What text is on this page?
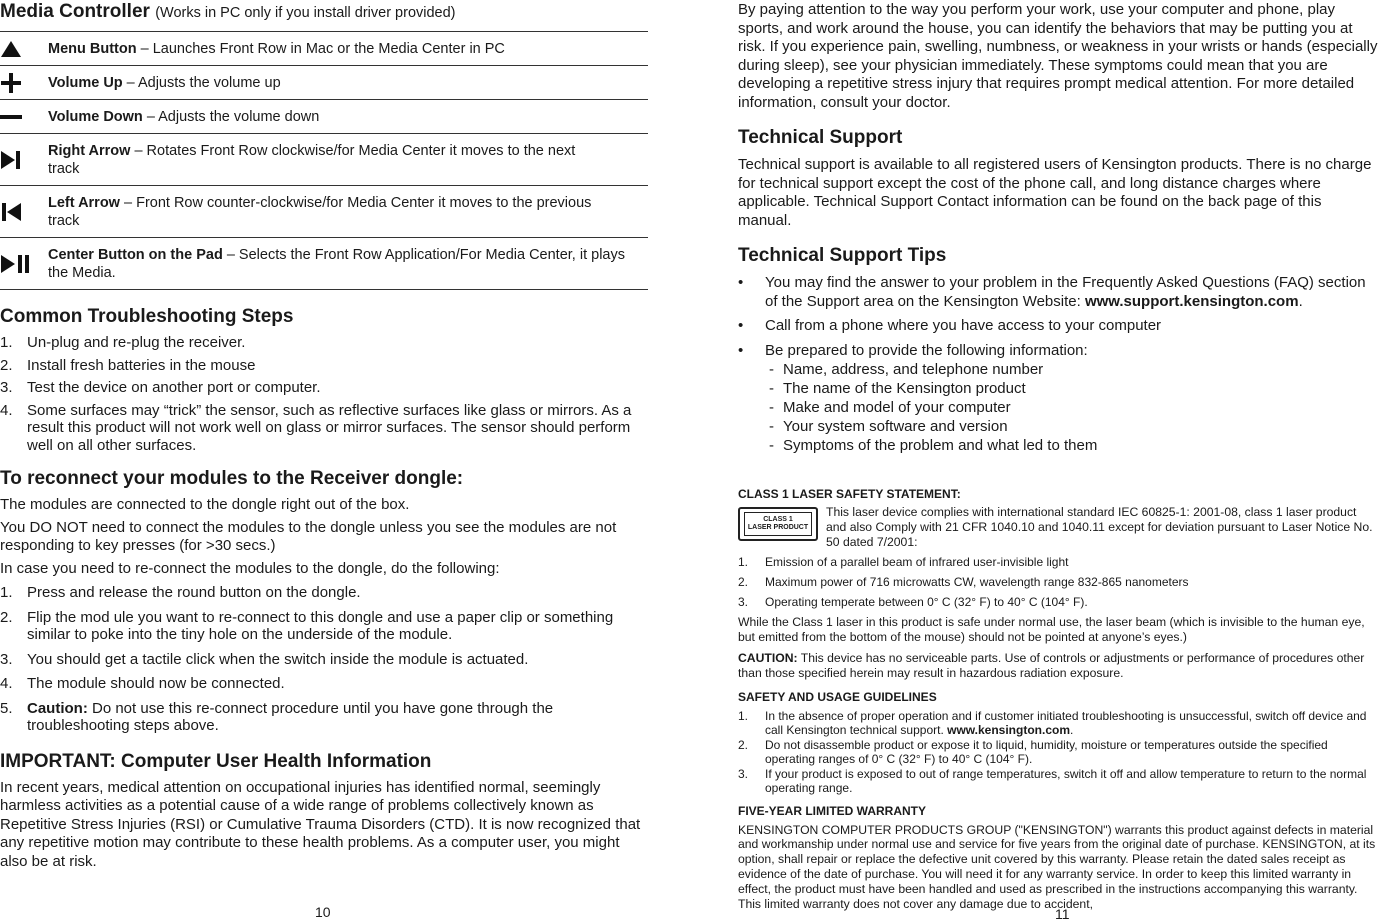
Media Controller (Works in PC only if you install driver provided)
Menu Button – Launches Front Row in Mac or the Media Center in PC
Volume Up – Adjusts the volume up
Volume Down – Adjusts the volume down
Right Arrow – Rotates Front Row clockwise/for Media Center it moves to the next track
Left Arrow – Front Row counter-clockwise/for Media Center it moves to the previous track
Center Button on the Pad – Selects the Front Row Application/For Media Center, it plays the Media.
Common Troubleshooting Steps
1. Un-plug and re-plug the receiver.
2. Install fresh batteries in the mouse
3. Test the device on another port or computer.
4. Some surfaces may “trick” the sensor, such as reflective surfaces like glass or mirrors. As a result this product will not work well on glass or mirror surfaces. The sensor should perform well on all other surfaces.
To reconnect your modules to the Receiver dongle:

The modules are connected to the dongle right out of the box.

You DO NOT need to connect the modules to the dongle unless you see the modules are not responding to key presses (for >30 secs.)

In case you need to re-connect the modules to the dongle, do the following:

1. Press and release the round button on the dongle.
2. Flip the mod ule you want to re-connect to this dongle and use a paper clip or something similar to poke into the tiny hole on the underside of the module.
3. You should get a tactile click when the switch inside the module is actuated.
4. The module should now be connected.
5. Caution: Do not use this re-connect procedure until you have gone through the troubleshooting steps above.
IMPORTANT: Computer User Health Information

In recent years, medical attention on occupational injuries has identified normal, seemingly harmless activities as a potential cause of a wide range of problems collectively known as Repetitive Stress Injuries (RSI) or Cumulative Trauma Disorders (CTD). It is now recognized that any repetitive motion may contribute to these health problems. As a computer user, you might also be at risk.

10

By paying attention to the way you perform your work, use your computer and phone, play sports, and work around the house, you can identify the behaviors that may be putting you at risk. If you experience pain, swelling, numbness, or weakness in your wrists or hands (especially during sleep), see your physician immediately. These symptoms could mean that you are developing a repetitive stress injury that requires prompt medical attention. For more detailed information, consult your doctor.

Technical Support

Technical support is available to all registered users of Kensington products. There is no charge for technical support except the cost of the phone call, and long distance charges where applicable. Technical Support Contact information can be found on the back page of this manual.

Technical Support Tips
•	You may find the answer to your problem in the Frequently Asked Questions (FAQ) section of the Support area on the Kensington Website: www.support.kensington.com.
•	Call from a phone where you have access to your computer
•	Be prepared to provide the following information:
- Name, address, and telephone number
- The name of the Kensington product
- Make and model of your computer
- Your system software and version
- Symptoms of the problem and what led to them
CLASS 1 LASER SAFETY STATEMENT:
CLASS 1
LASER PRODUCT

This laser device complies with international standard IEC 60825-1: 2001-08, class 1 laser product and also Comply with 21 CFR 1040.10 and 1040.11 except for deviation pursuant to Laser Notice No. 50 dated 7/2001:

1.	Emission of a parallel beam of infrared user-invisible light
2.	Maximum power of 716 microwatts CW, wavelength range 832-865 nanometers
3.	Operating temperate between 0° C (32° F) to 40° C (104° F).

While the Class 1 laser in this product is safe under normal use, the laser beam (which is invisible to the human eye, but emitted from the bottom of the mouse) should not be pointed at anyone’s eyes.)

CAUTION: This device has no serviceable parts. Use of controls or adjustments or performance of procedures other than those specified herein may result in hazardous radiation exposure.

SAFETY AND USAGE GUIDELINES
1.	In the absence of proper operation and if customer initiated troubleshooting is unsuccessful, switch off device and call Kensington technical support. www.kensington.com.
2.	Do not disassemble product or expose it to liquid, humidity, moisture or temperatures outside the specified operating ranges of 0° C (32° F) to 40° C (104° F).
3.	If your product is exposed to out of range temperatures, switch it off and allow temperature to return to the normal operating range.
FIVE-YEAR LIMITED WARRANTY

KENSINGTON COMPUTER PRODUCTS GROUP ("KENSINGTON") warrants this product against defects in material and workmanship under normal use and service for five years from the original date of purchase. KENSINGTON, at its option, shall repair or replace the defective unit covered by this warranty. Please retain the dated sales receipt as evidence of the date of purchase. You will need it for any warranty service. In order to keep this limited warranty in effect, the product must have been handled and used as prescribed in the instructions accompanying this warranty. This limited warranty does not cover any damage due to accident,

11
